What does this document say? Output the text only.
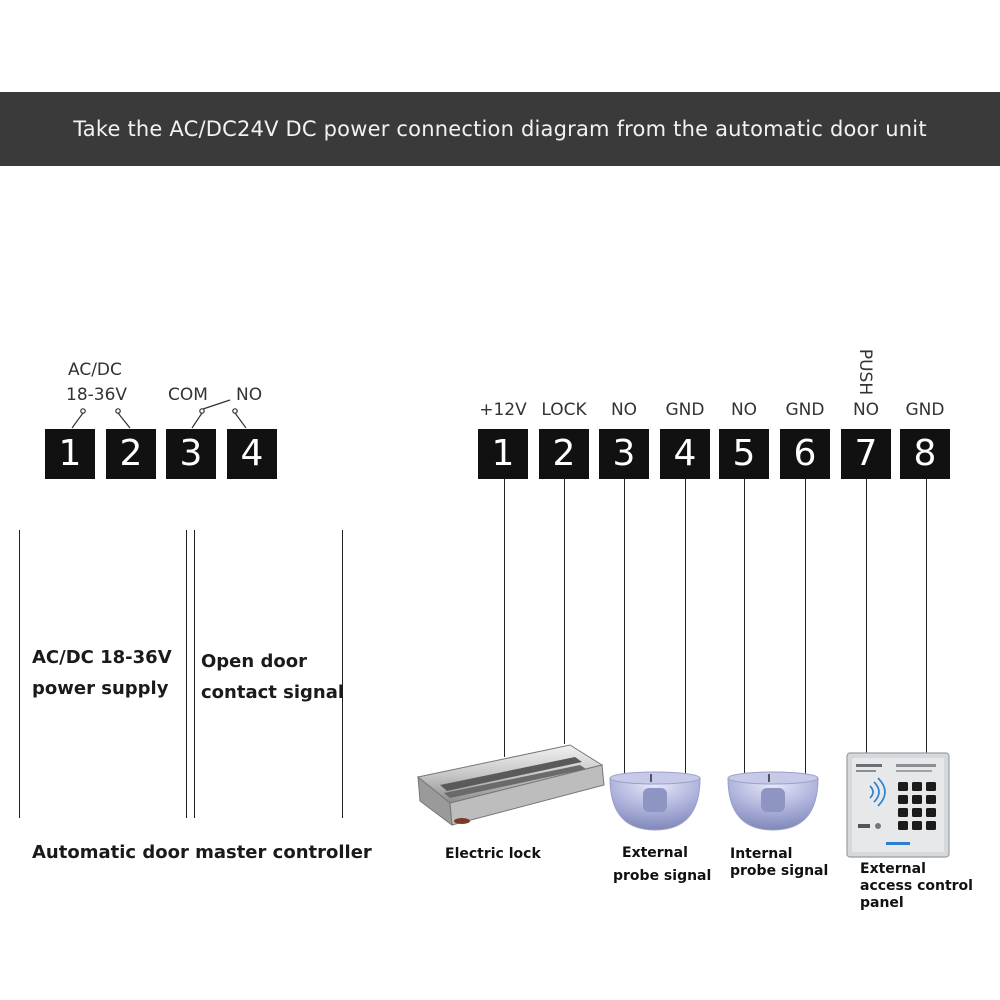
Take the AC/DC24V DC power connection diagram from the automatic door unit
AC/DC
18-36V	COM	NO
1	2	3	4
AC/DC 18-36V
power supply
Open door
contact signal
Automatic door master controller
+12V LOCK	NO	GND	NO	GND	NO	GND
PUSH
1	2	3	4	5	6	7	8
Electric lock	External
probe signal
Internal
probe signal External
access control
panel
